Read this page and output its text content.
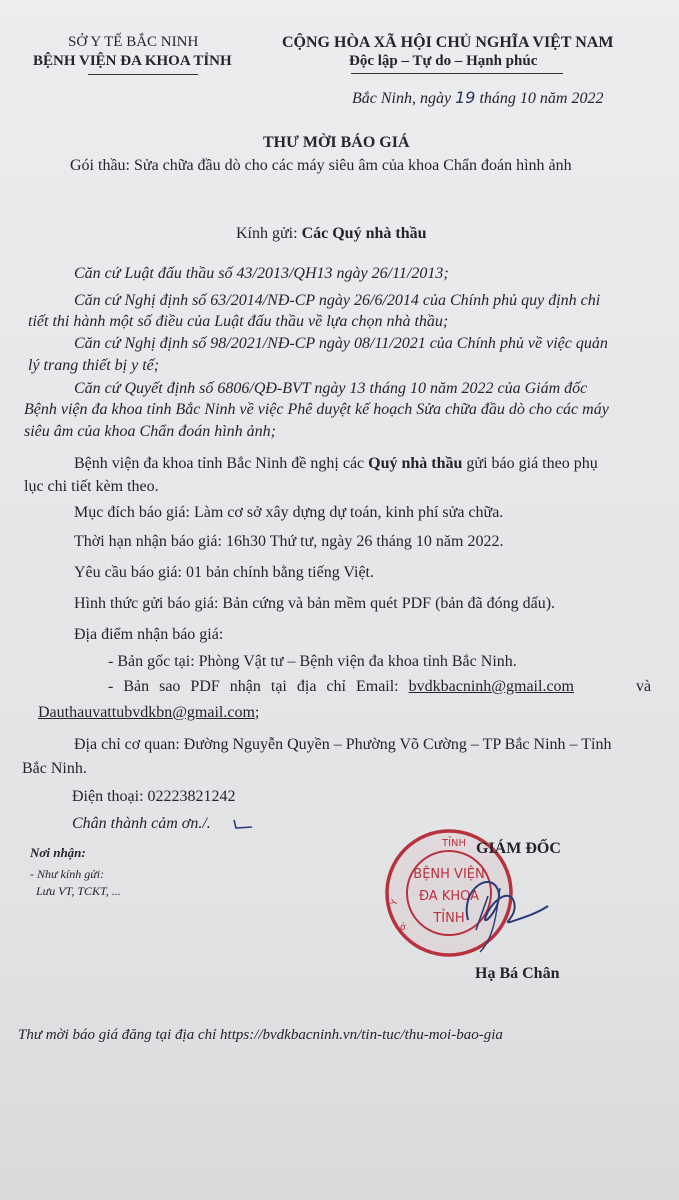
SỞ Y TẾ BẮC NINH
BỆNH VIỆN ĐA KHOA TỈNH
CỘNG HÒA XÃ HỘI CHỦ NGHĨA VIỆT NAM
Độc lập – Tự do – Hạnh phúc
Bắc Ninh, ngày 19 tháng 10 năm 2022
THƯ MỜI BÁO GIÁ
Gói thầu: Sửa chữa đầu dò cho các máy siêu âm của khoa Chẩn đoán hình ảnh
Kính gửi: Các Quý nhà thầu
Căn cứ Luật đấu thầu số 43/2013/QH13 ngày 26/11/2013;
Căn cứ Nghị định số 63/2014/NĐ-CP ngày 26/6/2014 của Chính phủ quy định chi
tiết thi hành một số điều của Luật đấu thầu về lựa chọn nhà thầu;
Căn cứ Nghị định số 98/2021/NĐ-CP ngày 08/11/2021 của Chính phủ về việc quản
lý trang thiết bị y tế;
Căn cứ Quyết định số 6806/QĐ-BVT ngày 13 tháng 10 năm 2022 của Giám đốc
Bệnh viện đa khoa tỉnh Bắc Ninh về việc Phê duyệt kế hoạch Sửa chữa đầu dò cho các máy
siêu âm của khoa Chẩn đoán hình ảnh;
Bệnh viện đa khoa tỉnh Bắc Ninh đề nghị các Quý nhà thầu gửi báo giá theo phụ
lục chi tiết kèm theo.
Mục đích báo giá: Làm cơ sở xây dựng dự toán, kinh phí sửa chữa.
Thời hạn nhận báo giá: 16h30 Thứ tư, ngày 26 tháng 10 năm 2022.
Yêu cầu báo giá: 01 bản chính bằng tiếng Việt.
Hình thức gửi báo giá: Bản cứng và bản mềm quét PDF (bản đã đóng dấu).
Địa điểm nhận báo giá:
- Bản gốc tại: Phòng Vật tư – Bệnh viện đa khoa tỉnh Bắc Ninh.
- Bản sao PDF nhận tại địa chỉ Email: bvdkbacninh@gmail.com	và
Dauthauvattubvdkbn@gmail.com;
Địa chỉ cơ quan: Đường Nguyễn Quyền – Phường Võ Cường – TP Bắc Ninh – Tỉnh
Bắc Ninh.
Điện thoại: 02223821242
Chân thành cảm ơn./.
Nơi nhận:
- Như kính gửi:
Lưu VT, TCKT, ...
TỈNH
BỆNH VIỆN
ĐA KHOA
TỈNH
Y
ở
GIÁM ĐỐC
Hạ Bá Chân
Thư mời báo giá đăng tại địa chỉ https://bvdkbacninh.vn/tin-tuc/thu-moi-bao-gia
